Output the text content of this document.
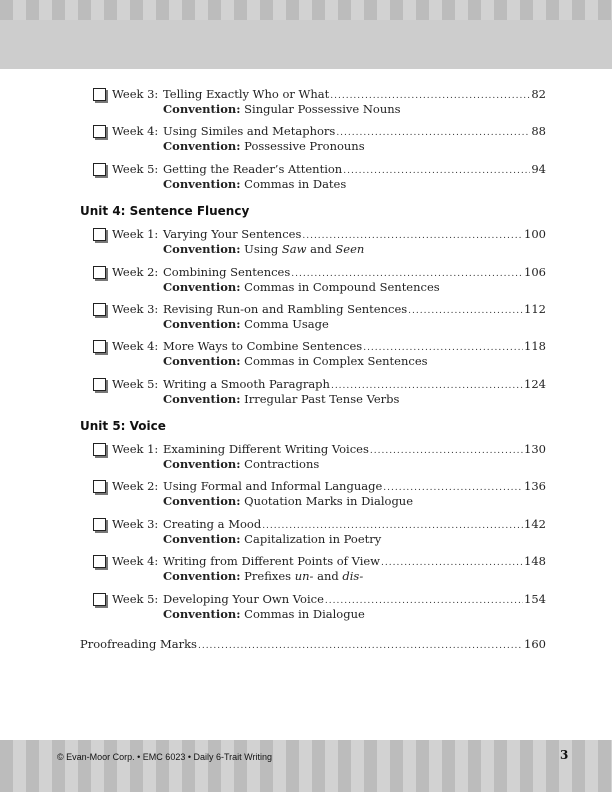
Week 3: Telling Exactly Who or What .....	82
Convention: Singular Possessive Nouns
Week 4: Using Similes and Metaphors .....	88
Convention: Possessive Pronouns
Week 5: Getting the Reader’s Attention .....	94
Convention: Commas in Dates
Unit 4: Sentence Fluency
Week 1: Varying Your Sentences .....	100
Convention: Using Saw and Seen
Week 2: Combining Sentences .....	106
Convention: Commas in Compound Sentences
Week 3: Revising Run-on and Rambling Sentences .....	112
Convention: Comma Usage
Week 4: More Ways to Combine Sentences .....	118
Convention: Commas in Complex Sentences
Week 5: Writing a Smooth Paragraph .....	124
Convention: Irregular Past Tense Verbs
Unit 5: Voice
Week 1: Examining Different Writing Voices .....	130
Convention: Contractions
Week 2: Using Formal and Informal Language .....	136
Convention: Quotation Marks in Dialogue
Week 3: Creating a Mood .....	142
Convention: Capitalization in Poetry
Week 4: Writing from Different Points of View .....	148
Convention: Prefixes un- and dis-
Week 5: Developing Your Own Voice .....	154
Convention: Commas in Dialogue
Proofreading Marks .....	160
© Evan-Moor Corp. • EMC 6023 • Daily 6-Trait Writing	3
